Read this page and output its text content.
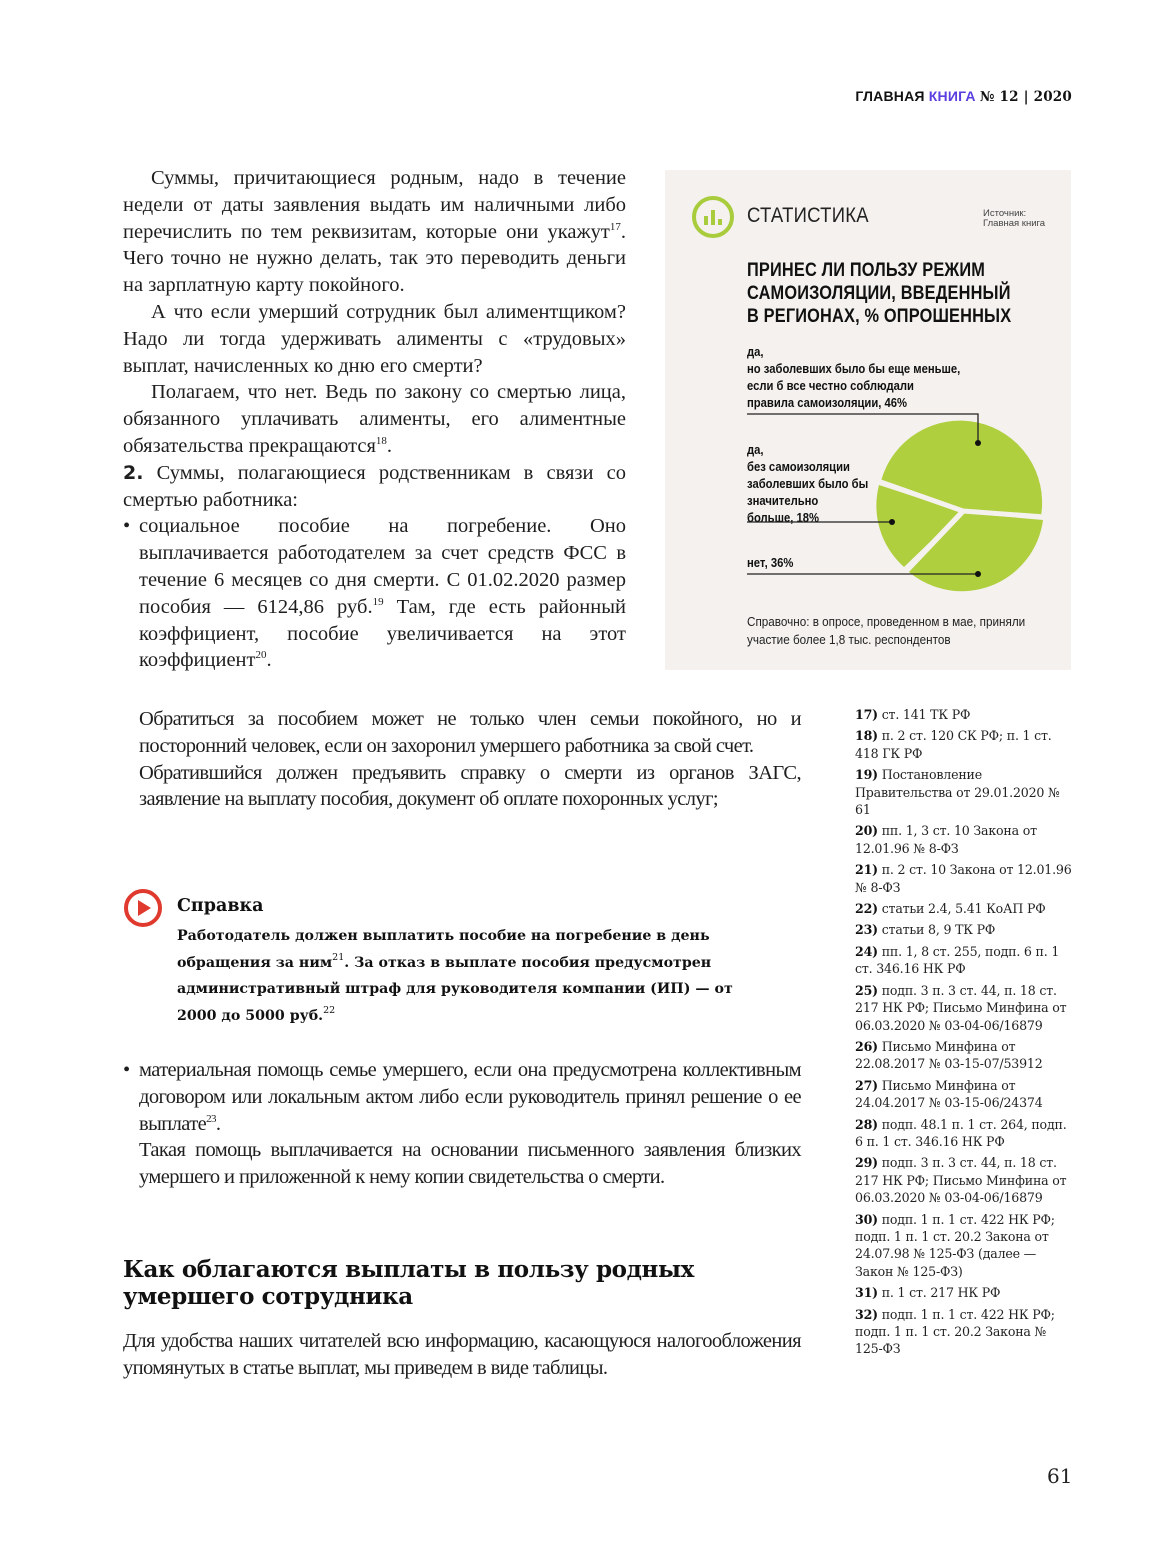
ГЛАВНАЯ КНИГА № 12 | 2020

Суммы, причитающиеся родным, надо в течение недели от даты заявления выдать им наличными либо перечислить по тем реквизитам, которые они укажут$^{17}$. Чего точно не нужно делать, так это переводить деньги на зарплатную карту покойного.

А что если умерший сотрудник был алиментщиком? Надо ли тогда удерживать алименты с «трудовых» выплат, начисленных ко дню его смерти?

Полагаем, что нет. Ведь по закону со смертью лица, обязанного уплачивать алименты, его алиментные обязательства прекращаются$^{18}$.

2. Суммы, полагающиеся родственникам в связи со смертью работника:

• социальное пособие на погребение. Оно выплачивается работодателем за счет средств ФСС в течение 6 месяцев со дня смерти. С 01.02.2020 размер пособия — 6124,86 руб.$^{19}$ Там, где есть районный коэффициент, пособие увеличивается на этот коэффициент$^{20}$.

Обратиться за пособием может не только член семьи покойного, но и посторонний человек, если он захоронил умершего работника за свой счет.

Обратившийся должен предъявить справку о смерти из органов ЗАГС, заявление на выплату пособия, документ об оплате похоронных услуг;

Справка
Работодатель должен выплатить пособие на погребение в день обращения за ним$^{21}$. За отказ в выплате пособия предусмотрен административный штраф для руководителя компании (ИП) — от 2000 до 5000 руб.$^{22}$
• материальная помощь семье умершего, если она предусмотрена коллективным договором или локальным актом либо если руководитель принял решение о ее выплате$^{23}$.

Такая помощь выплачивается на основании письменного заявления близких умершего и приложенной к нему копии свидетельства о смерти.

Как облагаются выплаты в пользу родных умершего сотрудника
Для удобства наших читателей всю информацию, касающуюся налогообложения упомянутых в статье выплат, мы приведем в виде таблицы.
СТАТИСТИКА	Источник:
Главная книга
ПРИНЕС ЛИ ПОЛЬЗУ РЕЖИМ
САМОИЗОЛЯЦИИ, ВВЕДЕННЫЙ
В РЕГИОНАХ, % ОПРОШЕННЫХ
да,
но заболевших было бы еще меньше,
если б все честно соблюдали
правила самоизоляции, 46%
да,
без самоизоляции
заболевших было бы
значительно
больше, 18%
нет, 36%
Справочно: в опросе, проведенном в мае, приняли участие более 1,8 тыс. респондентов
17) ст. 141 ТК РФ
18) п. 2 ст. 120 СК РФ; п. 1 ст. 418 ГК РФ
19) Постановление Правительства от 29.01.2020 № 61
20) пп. 1, 3 ст. 10 Закона от 12.01.96 № 8-ФЗ
21) п. 2 ст. 10 Закона от 12.01.96 № 8-ФЗ
22) статьи 2.4, 5.41 КоАП РФ
23) статьи 8, 9 ТК РФ
24) пп. 1, 8 ст. 255, подп. 6 п. 1 ст. 346.16 НК РФ
25) подп. 3 п. 3 ст. 44, п. 18 ст. 217 НК РФ; Письмо Минфина от 06.03.2020 № 03-04-06/16879
26) Письмо Минфина от 22.08.2017 № 03-15-07/53912
27) Письмо Минфина от 24.04.2017 № 03-15-06/24374
28) подп. 48.1 п. 1 ст. 264, подп. 6 п. 1 ст. 346.16 НК РФ
29) подп. 3 п. 3 ст. 44, п. 18 ст. 217 НК РФ; Письмо Минфина от 06.03.2020 № 03-04-06/16879
30) подп. 1 п. 1 ст. 422 НК РФ; подп. 1 п. 1 ст. 20.2 Закона от 24.07.98 № 125-ФЗ (далее — Закон № 125-ФЗ)
31) п. 1 ст. 217 НК РФ
32) подп. 1 п. 1 ст. 422 НК РФ; подп. 1 п. 1 ст. 20.2 Закона № 125-ФЗ
61
